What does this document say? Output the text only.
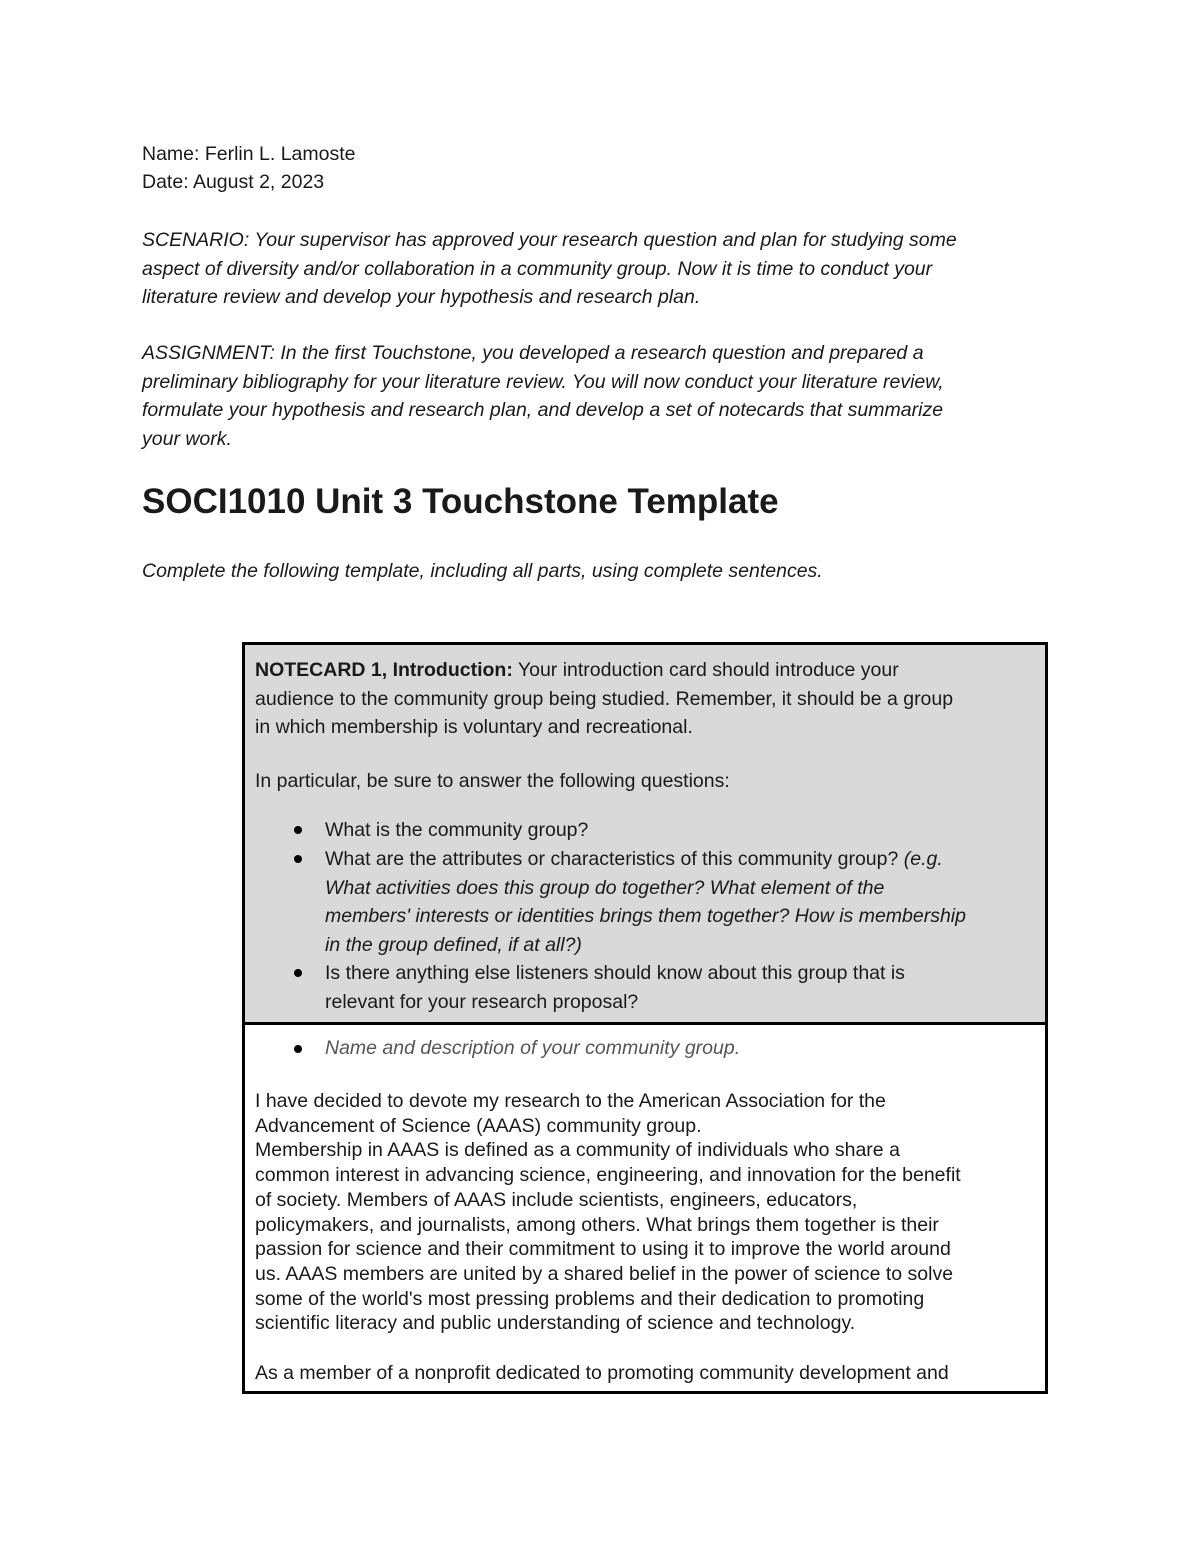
Name: Ferlin L. Lamoste
Date: August 2, 2023
SCENARIO: Your supervisor has approved your research question and plan for studying some
aspect of diversity and/or collaboration in a community group. Now it is time to conduct your
literature review and develop your hypothesis and research plan.
ASSIGNMENT: In the first Touchstone, you developed a research question and prepared a
preliminary bibliography for your literature review. You will now conduct your literature review,
formulate your hypothesis and research plan, and develop a set of notecards that summarize
your work.
SOCI1010 Unit 3 Touchstone Template
Complete the following template, including all parts, using complete sentences.
NOTECARD 1, Introduction: Your introduction card should introduce your
audience to the community group being studied. Remember, it should be a group
in which membership is voluntary and recreational.
In particular, be sure to answer the following questions:
What is the community group?
What are the attributes or characteristics of this community group? (e.g.
What activities does this group do together? What element of the
members' interests or identities brings them together? How is membership
in the group defined, if at all?)
Is there anything else listeners should know about this group that is
relevant for your research proposal?
Name and description of your community group.
I have decided to devote my research to the American Association for the
Advancement of Science (AAAS) community group.
Membership in AAAS is defined as a community of individuals who share a
common interest in advancing science, engineering, and innovation for the benefit
of society. Members of AAAS include scientists, engineers, educators,
policymakers, and journalists, among others. What brings them together is their
passion for science and their commitment to using it to improve the world around
us. AAAS members are united by a shared belief in the power of science to solve
some of the world's most pressing problems and their dedication to promoting
scientific literacy and public understanding of science and technology.
As a member of a nonprofit dedicated to promoting community development and
